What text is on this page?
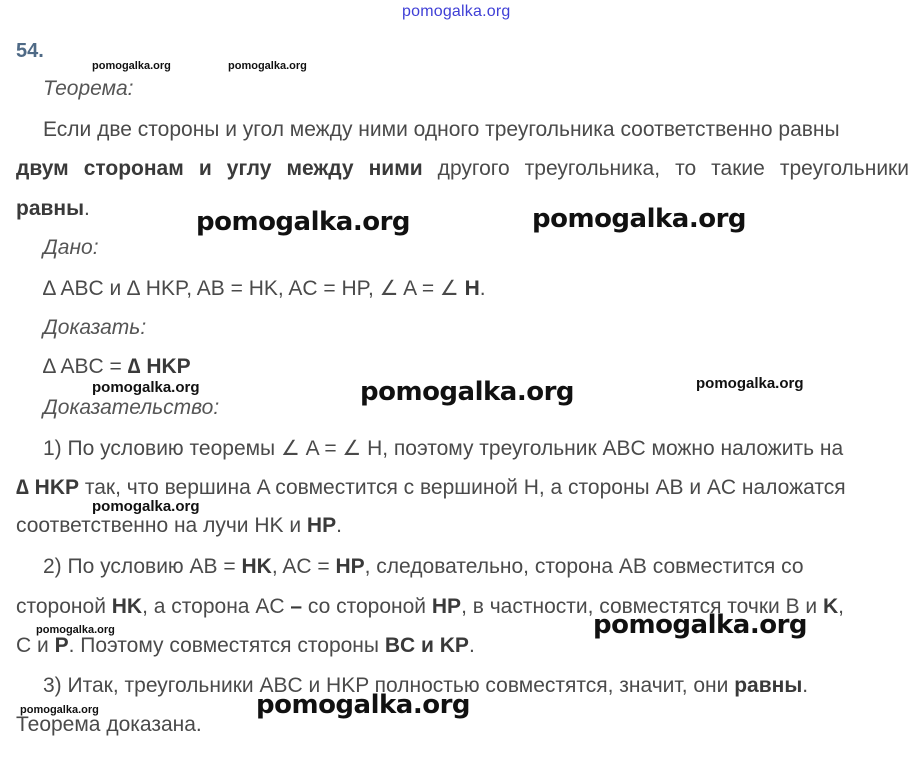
pomogalka.org
54.
pomogalka.org	pomogalka.org
Теорема:
Если две стороны и угол между ними одного треугольника соответственно равны
двум сторонам и углу между ними другого треугольника, то такие треугольники
равны.	pomogalka.org	pomogalka.org
Дано:
∆ ABC и ∆ HKP, AB = HK, AC = HP, ∠ A = ∠ H.
Доказать:
∆ ABC = ∆ HKP
pomogalka.org	pomogalka.org	pomogalka.org
Доказательство:
1) По условию теоремы ∠ A = ∠ H, поэтому треугольник ABC можно наложить на
∆ HKP так, что вершина A совместится с вершиной H, а стороны AB и AC наложатся
pomogalka.org
соответственно на лучи HK и HP.
2) По условию AB = HK, AC = HP, следовательно, сторона AB совместится со
стороной HK, а сторона AC – со стороной HP, в частности, совместятся точки B и K,
pomogalka.org	pomogalka.org
C и P. Поэтому совместятся стороны BC и KP.
3) Итак, треугольники ABC и HKP полностью совместятся, значит, они равны.
pomogalka.org	pomogalka.org
Теорема доказана.
